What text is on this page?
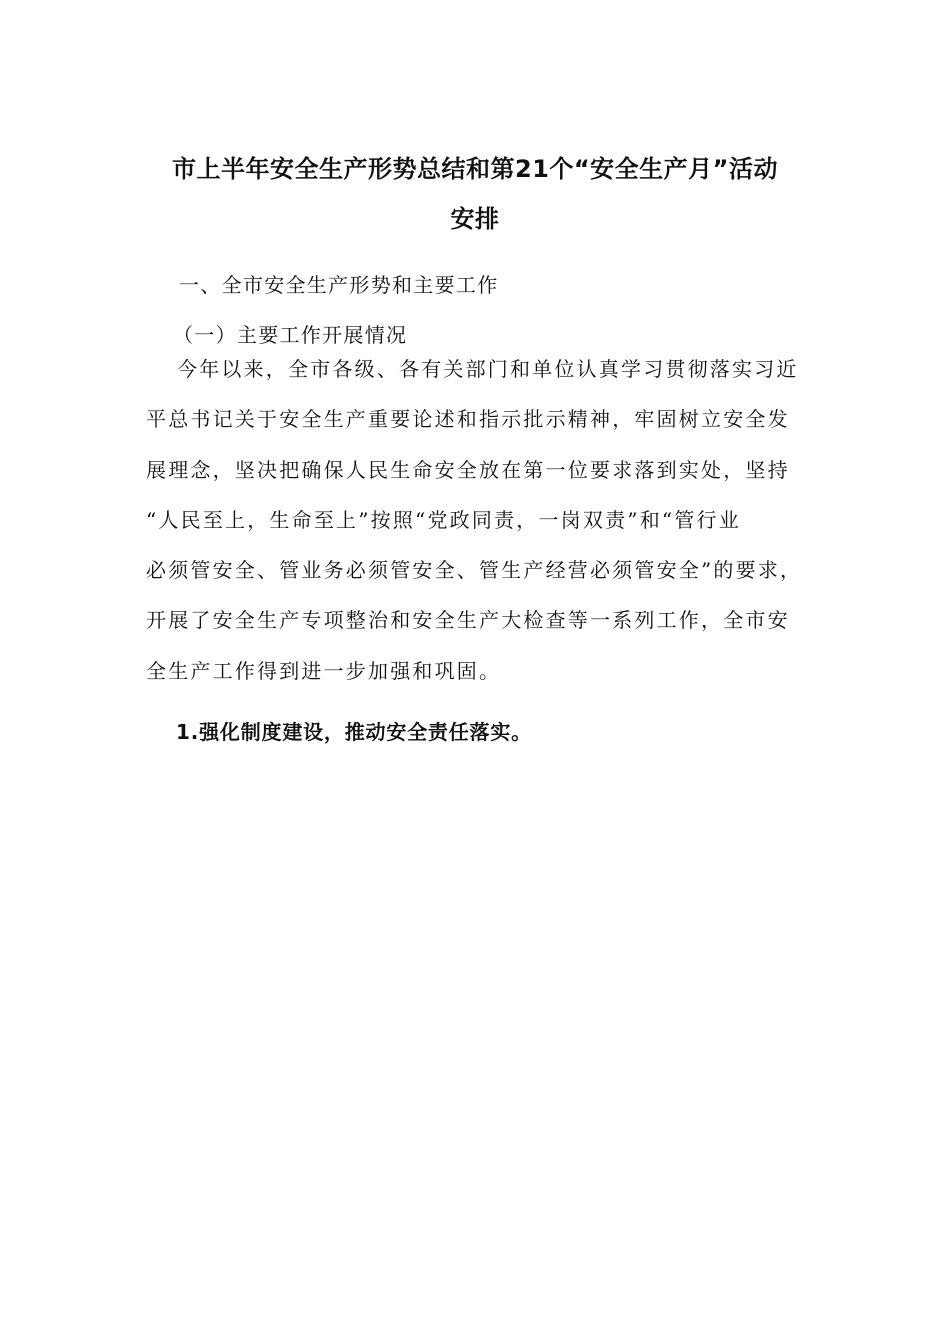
市上半年安全生产形势总结和第21个“安全生产月”活动
安排
一、全市安全生产形势和主要工作
（一）主要工作开展情况
今年以来，全市各级、各有关部门和单位认真学习贯彻落实习近
平总书记关于安全生产重要论述和指示批示精神，牢固树立安全发
展理念，坚决把确保人民生命安全放在第一位要求落到实处，坚持
“人民至上，生命至上”按照“党政同责，一岗双责”和“管行业
必须管安全、管业务必须管安全、管生产经营必须管安全”的要求，
开展了安全生产专项整治和安全生产大检查等一系列工作，全市安
全生产工作得到进一步加强和巩固。
1.强化制度建设，推动安全责任落实。
